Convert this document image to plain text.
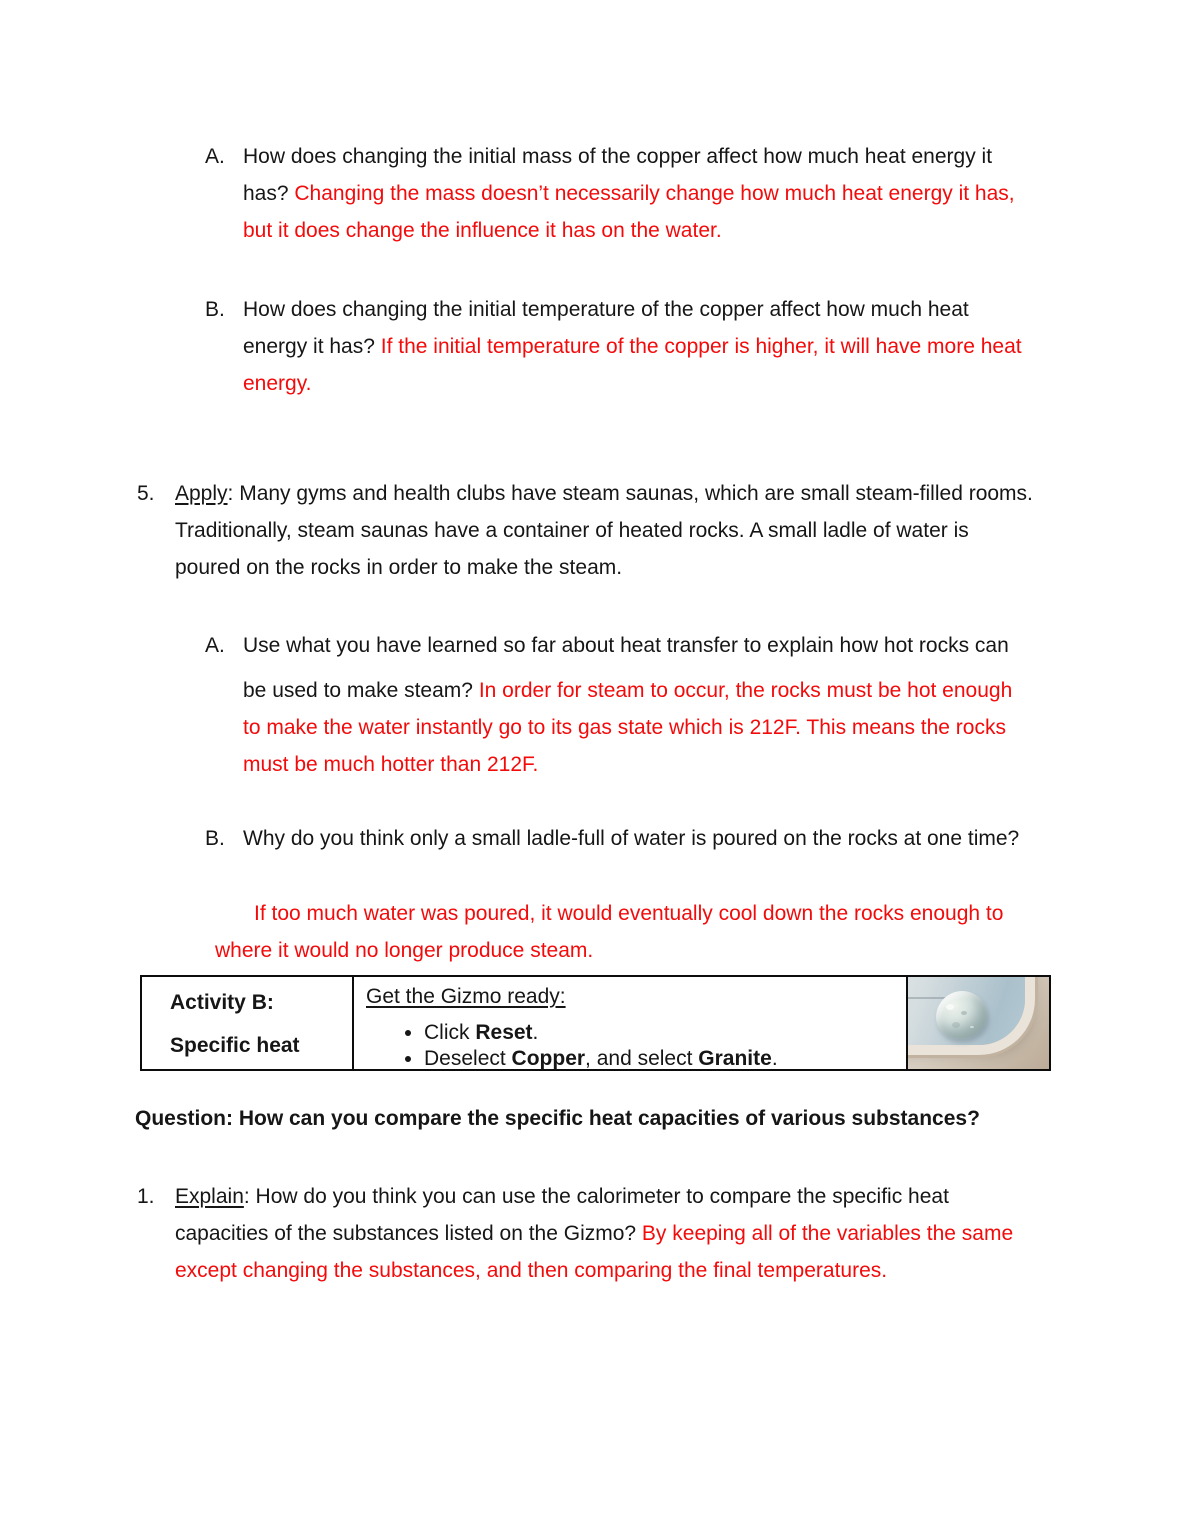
A. How does changing the initial mass of the copper affect how much heat energy it
has? Changing the mass doesn’t necessarily change how much heat energy it has,
but it does change the influence it has on the water.
B. How does changing the initial temperature of the copper affect how much heat
energy it has? If the initial temperature of the copper is higher, it will have more heat
energy.
5. Apply: Many gyms and health clubs have steam saunas, which are small steam-filled rooms.
Traditionally, steam saunas have a container of heated rocks. A small ladle of water is
poured on the rocks in order to make the steam.
A. Use what you have learned so far about heat transfer to explain how hot rocks can
be used to make steam? In order for steam to occur, the rocks must be hot enough
to make the water instantly go to its gas state which is 212F. This means the rocks
must be much hotter than 212F.
B. Why do you think only a small ladle-full of water is poured on the rocks at one time?
If too much water was poured, it would eventually cool down the rocks enough to
where it would no longer produce steam.
Activity B:
Specific heat
Get the Gizmo ready:
• Click Reset.
• Deselect Copper, and select Granite.
Question: How can you compare the specific heat capacities of various substances?
1. Explain: How do you think you can use the calorimeter to compare the specific heat
capacities of the substances listed on the Gizmo? By keeping all of the variables the same
except changing the substances, and then comparing the final temperatures.
